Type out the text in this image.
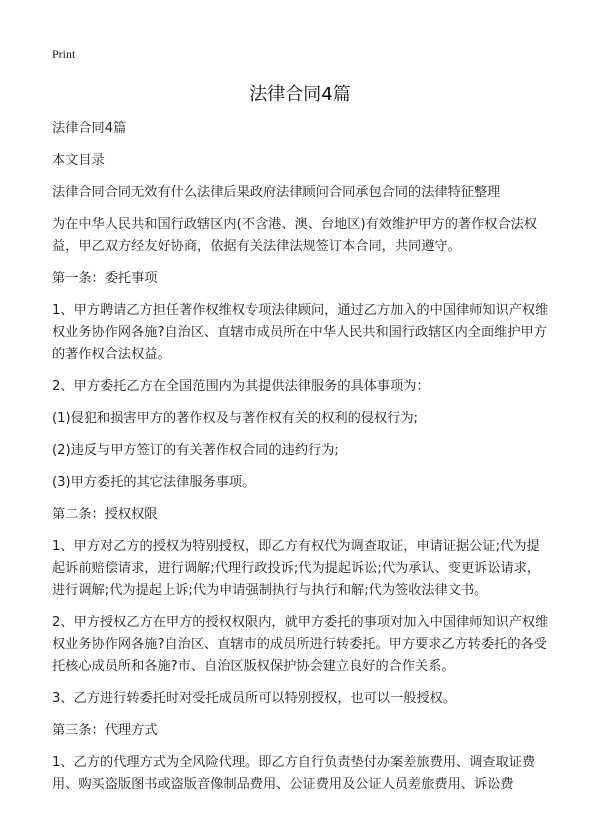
Print
法律合同4篇

法律合同4篇

本文目录

法律合同合同无效有什么法律后果政府法律顾问合同承包合同的法律特征整理

为在中华人民共和国行政辖区内(不含港、澳、台地区)有效维护甲方的著作权合法权益，甲乙双方经友好协商，依据有关法律法规签订本合同，共同遵守。

第一条：委托事项

1、甲方聘请乙方担任著作权维权专项法律顾问，通过乙方加入的中国律师知识产权维权业务协作网各施?自治区、直辖市成员所在中华人民共和国行政辖区内全面维护甲方的著作权合法权益。

2、甲方委托乙方在全国范围内为其提供法律服务的具体事项为：

(1)侵犯和损害甲方的著作权及与著作权有关的权利的侵权行为;

(2)违反与甲方签订的有关著作权合同的违约行为;

(3)甲方委托的其它法律服务事项。

第二条：授权权限

1、甲方对乙方的授权为特别授权，即乙方有权代为调查取证，申请证据公证;代为提起诉前赔偿请求，进行调解;代理行政投诉;代为提起诉讼;代为承认、变更诉讼请求，进行调解;代为提起上诉;代为申请强制执行与执行和解;代为签收法律文书。

2、甲方授权乙方在甲方的授权权限内，就甲方委托的事项对加入中国律师知识产权维权业务协作网各施?自治区、直辖市的成员所进行转委托。甲方要求乙方转委托的各受托核心成员所和各施?市、自治区版权保护协会建立良好的合作关系。

3、乙方进行转委托时对受托成员所可以特别授权，也可以一般授权。

第三条：代理方式

1、乙方的代理方式为全风险代理。即乙方自行负责垫付办案差旅费用、调查取证费用、购买盗版图书或盗版音像制品费用、公证费用及公证人员差旅费用、诉讼费
